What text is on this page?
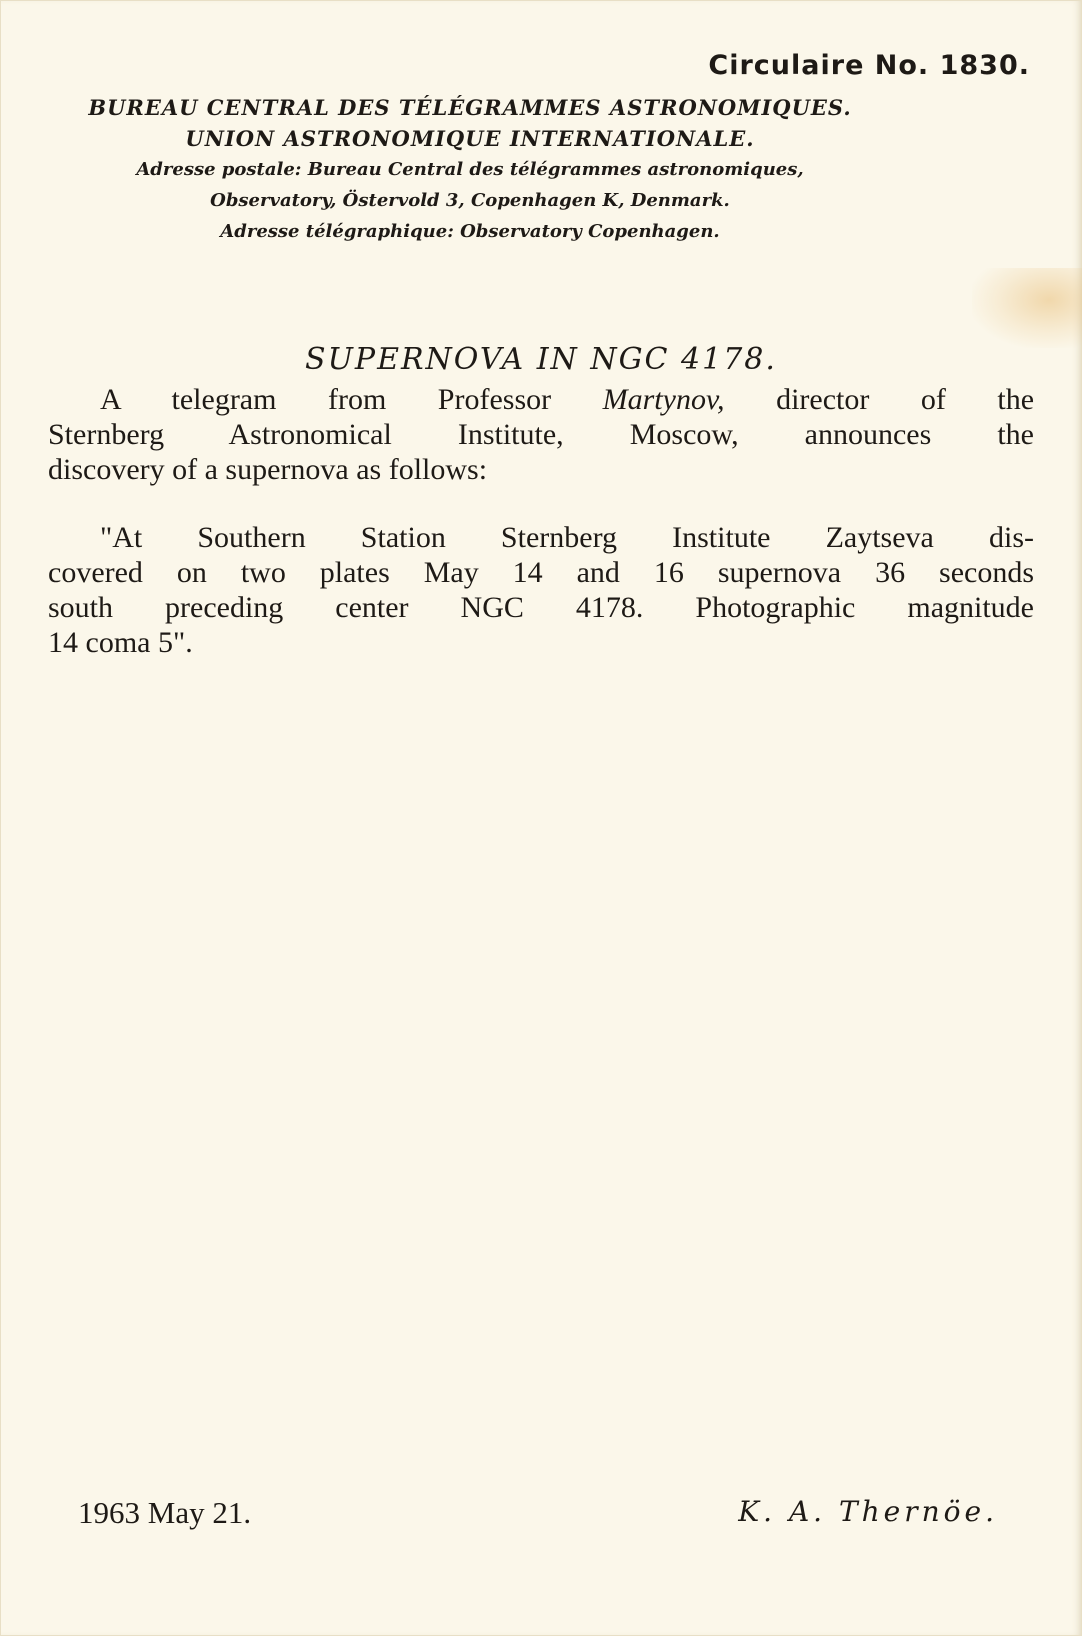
Circulaire No. 1830.
BUREAU CENTRAL DES TÉLÉGRAMMES ASTRONOMIQUES.
UNION ASTRONOMIQUE INTERNATIONALE.
Adresse postale: Bureau Central des télégrammes astronomiques,
Observatory, Östervold 3, Copenhagen K, Denmark.
Adresse télégraphique: Observatory Copenhagen.
SUPERNOVA IN NGC 4178.
A telegram from Professor Martynov, director of the
Sternberg Astronomical Institute, Moscow, announces the
discovery of a supernova as follows:
"At Southern Station Sternberg Institute Zaytseva dis-
covered on two plates May 14 and 16 supernova 36 seconds
south preceding center NGC 4178. Photographic magnitude
14 coma 5".
1963 May 21.	K. A. Thernöe.
